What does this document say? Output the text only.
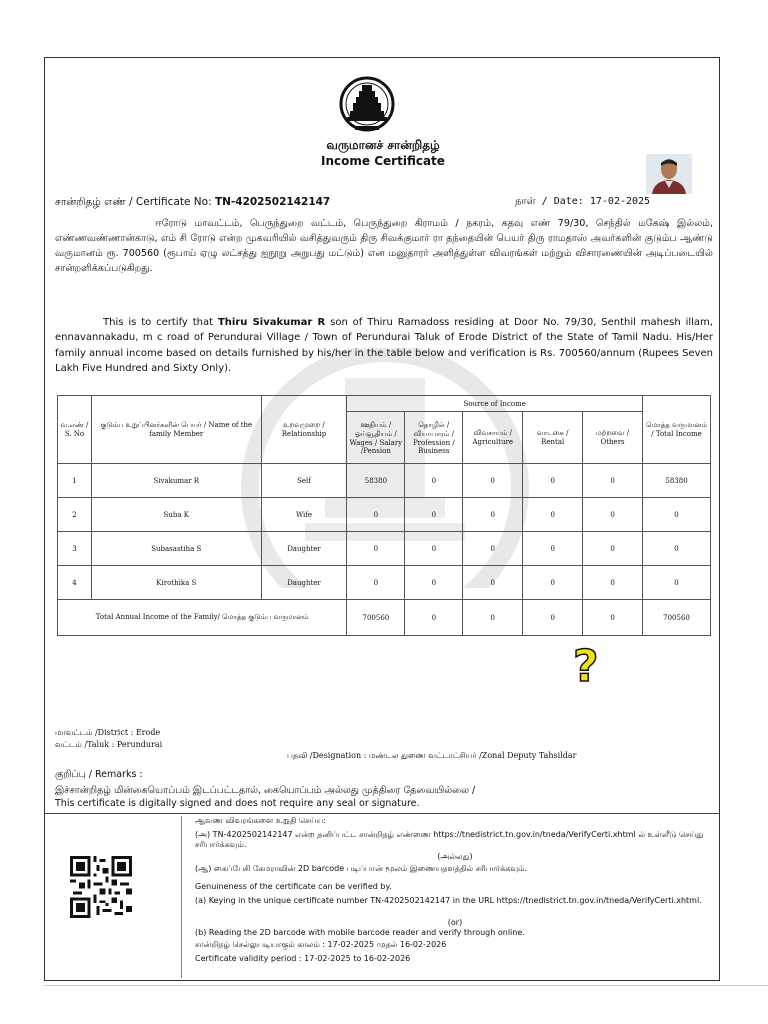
வருமானச் சான்றிதழ்
Income Certificate
சான்றிதழ் எண் / Certificate No: TN-4202502142147	நாள் / Date: 17-02-2025
ஈரோடு மாவட்டம், பெருந்துறை வட்டம், பெருந்துறை கிராமம் / நகரம், கதவு எண் 79/30, செந்தில் மகேஷ் இல்லம், எண்ணவண்ணான்காடு, எம் சி ரோடு என்ற முகவரியில் வசித்துவரும் திரு சிவக்குமார் ரா தந்தையின் பெயர் திரு ராமதாஸ் அவர்களின் குடும்ப ஆண்டு வருமானம் ரூ. 700560 (ரூபாய் ஏழு லட்சத்து ஐநூறு அறுபது மட்டும்) என மனுதாரர் அளித்துள்ள விவரங்கள் மற்றும் விசாரணையின் அடிப்படையில் சான்றளிக்கப்படுகிறது.
This is to certify that Thiru Sivakumar R son of Thiru Ramadoss residing at Door No. 79/30, Senthil mahesh illam, ennavannakadu, m c road of Perundurai Village / Town of Perundurai Taluk of Erode District of the State of Tamil Nadu. His/Her family annual income based on details furnished by his/her in the table below and verification is Rs. 700560/annum (Rupees Seven Lakh Five Hundred and Sixty Only).
வ.எண் / S. No	குடும்ப உறுப்பினர்களின் பெயர் / Name of the family Member	உறவுமுறை / Relationship	Source of Income					மொத்த வருமானம் / Total Income
			ஊதியம் / ஓய்வூதியம் / Wages / Salary /Pension	தொழில் / வியாபாரம் / Profession / Business	விவசாயம் / Agriculture	வாடகை / Rental	மற்றவை / Others	
1	Sivakumar R	Self	58380	0	0	0	0	58380
2	Suba K	Wife	0	0	0	0	0	0
3	Subasastiha S	Daughter	0	0	0	0	0	0
4	Kirothika S	Daughter	0	0	0	0	0	0
Total Annual Income of the Family/ மொத்த குடும்ப வருமானம்			700560	0	0	0	0	700560
?
மாவட்டம் /District : Erode
வட்டம் /Taluk : Perundurai
பதவி /Designation : மண்டல துணை வட்டாட்சியர் /Zonal Deputy Tahsildar
குறிப்பு / Remarks :
இச்சான்றிதழ் மின்கையொப்பம் இடப்பட்டதால், கையொப்பம் அல்லது முத்திரை தேவையில்லை /
This certificate is digitally signed and does not require any seal or signature.
ஆவண விவரங்களை உறுதி செய்ய:
(அ) TN-4202502142147 என்ற தனிப்பட்ட சான்றிதழ் எண்ணை https://tnedistrict.tn.gov.in/tneda/VerifyCerti.xhtml ல் உள்ளீடு செய்து சரிபார்க்கவும்.
(அல்லது)
(ஆ) கைப்பேசி கேமராவின் 2D barcode படிப்பான் மூலம் இணையதளத்தில் சரிபார்க்கவும்.
Genuineness of the certificate can be verified by.
(a) Keying in the unique certificate number TN-4202502142147 in the URL https://tnedistrict.tn.gov.in/tneda/VerifyCerti.xhtml.
(or)
(b) Reading the 2D barcode with mobile barcode reader and verify through online.
சான்றிதழ் செல்லுபடியாகும் காலம் : 17-02-2025 முதல் 16-02-2026
Certificate validity period : 17-02-2025 to 16-02-2026
